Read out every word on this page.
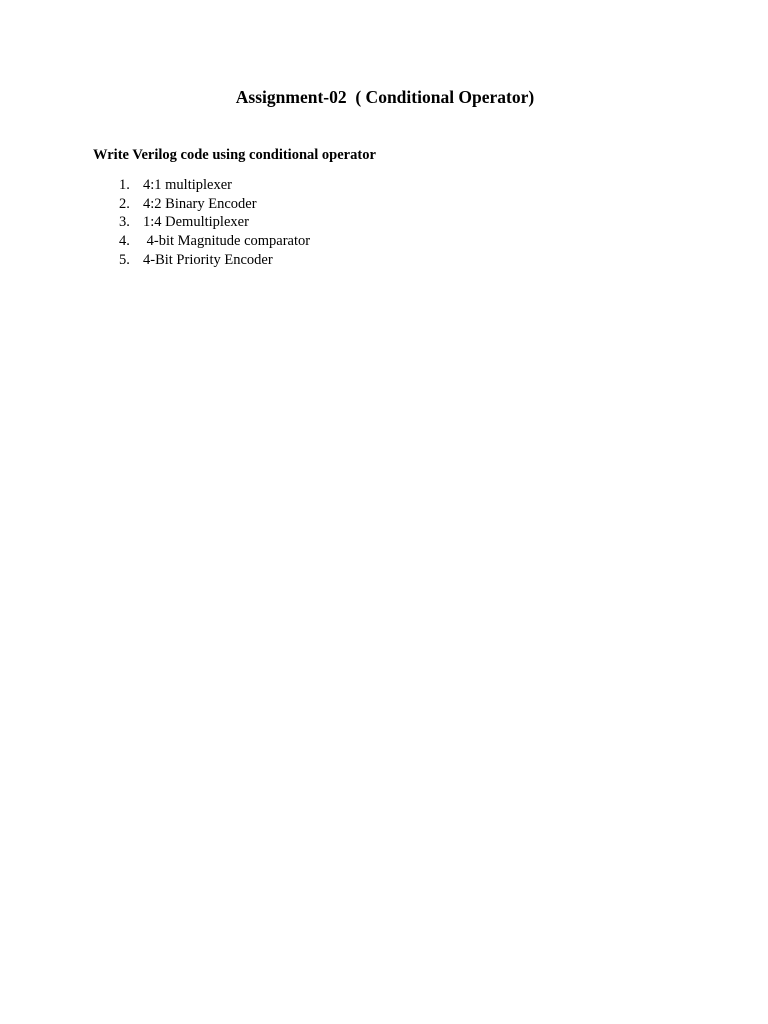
Assignment-02  ( Conditional Operator)
Write Verilog code using conditional operator
1. 4:1 multiplexer
2. 4:2 Binary Encoder
3. 1:4 Demultiplexer
4. 4-bit Magnitude comparator
5. 4-Bit Priority Encoder
